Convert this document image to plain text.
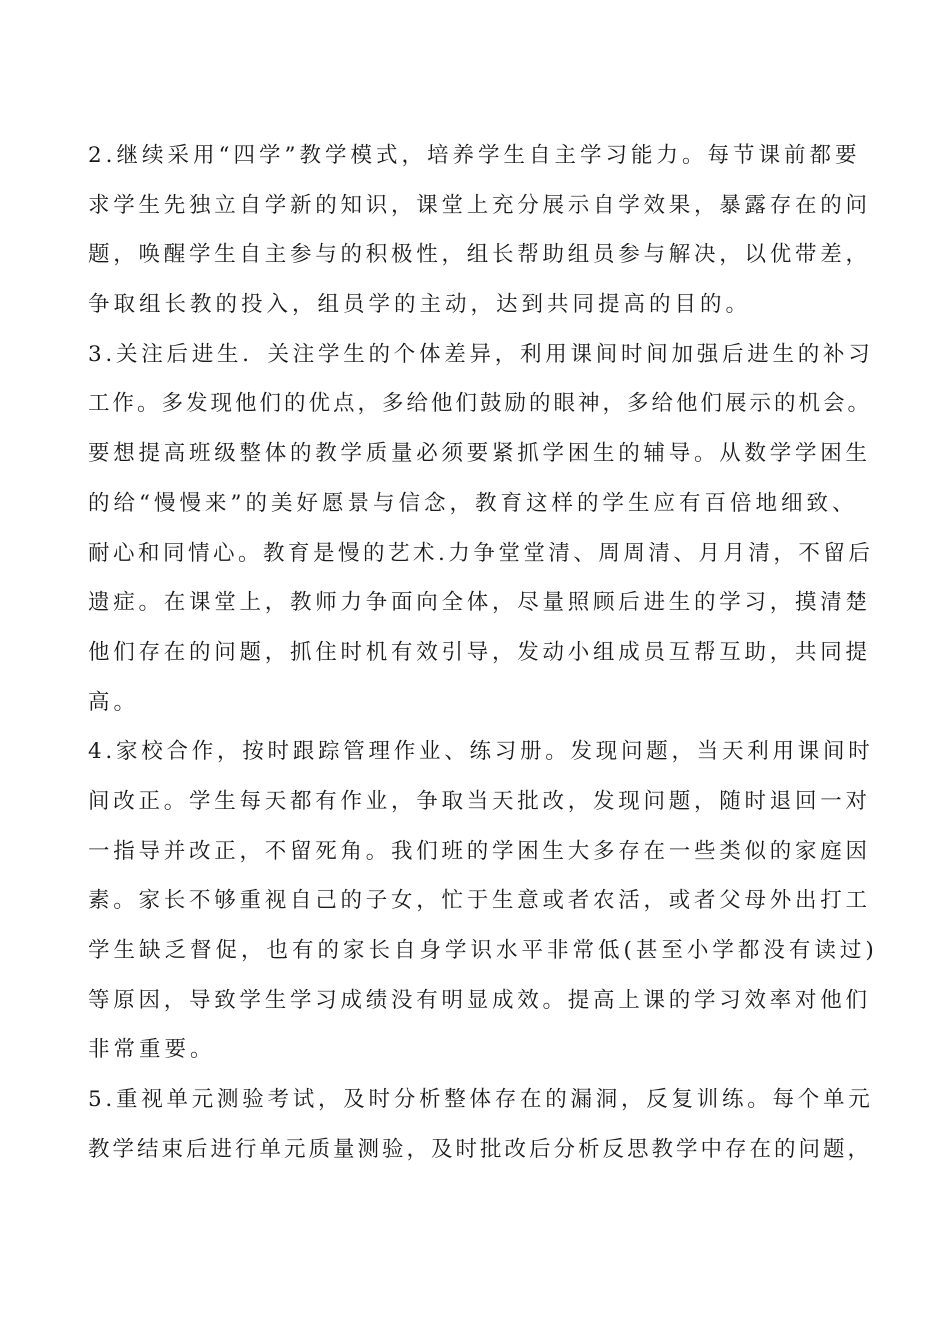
2.继续采用“四学”教学模式，培养学生自主学习能力。每节课前都要
求学生先独立自学新的知识，课堂上充分展示自学效果，暴露存在的问
题，唤醒学生自主参与的积极性，组长帮助组员参与解决，以优带差，
争取组长教的投入，组员学的主动，达到共同提高的目的。
3.关注后进生．关注学生的个体差异，利用课间时间加强后进生的补习
工作。多发现他们的优点，多给他们鼓励的眼神，多给他们展示的机会。
要想提高班级整体的教学质量必须要紧抓学困生的辅导。从数学学困生
的给“慢慢来”的美好愿景与信念，教育这样的学生应有百倍地细致、
耐心和同情心。教育是慢的艺术.力争堂堂清、周周清、月月清，不留后
遗症。在课堂上，教师力争面向全体，尽量照顾后进生的学习，摸清楚
他们存在的问题，抓住时机有效引导，发动小组成员互帮互助，共同提
高。
4.家校合作，按时跟踪管理作业、练习册。发现问题，当天利用课间时
间改正。学生每天都有作业，争取当天批改，发现问题，随时退回一对
一指导并改正，不留死角。我们班的学困生大多存在一些类似的家庭因
素。家长不够重视自己的子女，忙于生意或者农活，或者父母外出打工
学生缺乏督促，也有的家长自身学识水平非常低(甚至小学都没有读过)
等原因，导致学生学习成绩没有明显成效。提高上课的学习效率对他们
非常重要。
5.重视单元测验考试，及时分析整体存在的漏洞，反复训练。每个单元
教学结束后进行单元质量测验，及时批改后分析反思教学中存在的问题，
